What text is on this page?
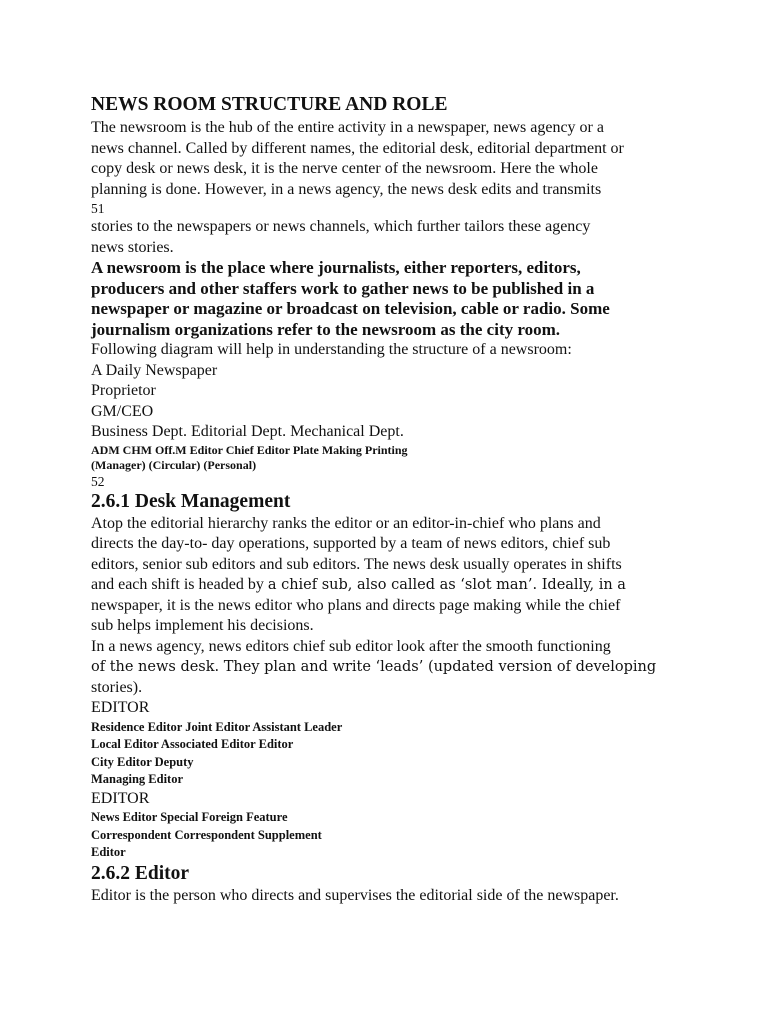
NEWS ROOM STRUCTURE AND ROLE
The newsroom is the hub of the entire activity in a newspaper, news agency or a
news channel. Called by different names, the editorial desk, editorial department or
copy desk or news desk, it is the nerve center of the newsroom. Here the whole
planning is done. However, in a news agency, the news desk edits and transmits
51
stories to the newspapers or news channels, which further tailors these agency
news stories.
A newsroom is the place where journalists, either reporters, editors,
producers and other staffers work to gather news to be published in a
newspaper or magazine or broadcast on television, cable or radio. Some
journalism organizations refer to the newsroom as the city room.
Following diagram will help in understanding the structure of a newsroom:
A Daily Newspaper
Proprietor
GM/CEO
Business Dept. Editorial Dept. Mechanical Dept.
ADM CHM Off.M Editor Chief Editor Plate Making Printing
(Manager) (Circular) (Personal)
52
2.6.1 Desk Management
Atop the editorial hierarchy ranks the editor or an editor-in-chief who plans and
directs the day-to- day operations, supported by a team of news editors, chief sub
editors, senior sub editors and sub editors. The news desk usually operates in shifts
and each shift is headed by a chief sub, also called as ‘slot man’. Ideally, in a
newspaper, it is the news editor who plans and directs page making while the chief
sub helps implement his decisions.
In a news agency, news editors chief sub editor look after the smooth functioning
of the news desk. They plan and write ‘leads’ (updated version of developing
stories).
EDITOR
Residence Editor Joint Editor Assistant Leader
Local Editor Associated Editor Editor
City Editor Deputy
Managing Editor
EDITOR
News Editor Special Foreign Feature
Correspondent Correspondent Supplement
Editor
2.6.2 Editor
Editor is the person who directs and supervises the editorial side of the newspaper.
